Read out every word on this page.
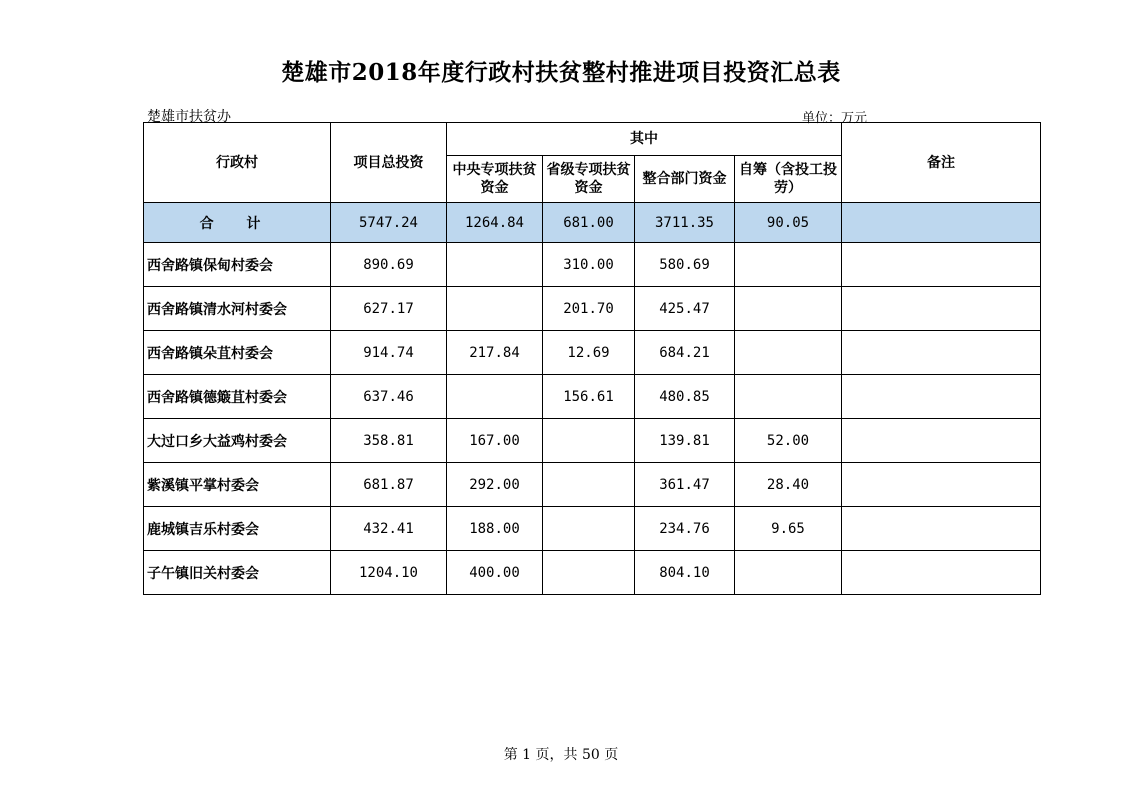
楚雄市2018年度行政村扶贫整村推进项目投资汇总表
楚雄市扶贫办	单位：万元
行政村	项目总投资	其中				备注
		中央专项扶贫资金	省级专项扶贫资金	整合部门资金	自筹（含投工投劳）	
合 计	5747.24	1264.84	681.00	3711.35	90.05	
西舍路镇保甸村委会	890.69		310.00	580.69		
西舍路镇清水河村委会	627.17		201.70	425.47		
西舍路镇朵苴村委会	914.74	217.84	12.69	684.21		
西舍路镇德簸苴村委会	637.46		156.61	480.85		
大过口乡大益鸡村委会	358.81	167.00		139.81	52.00	
紫溪镇平掌村委会	681.87	292.00		361.47	28.40	
鹿城镇吉乐村委会	432.41	188.00		234.76	9.65	
子午镇旧关村委会	1204.10	400.00		804.10		
第 1 页，共 50 页
